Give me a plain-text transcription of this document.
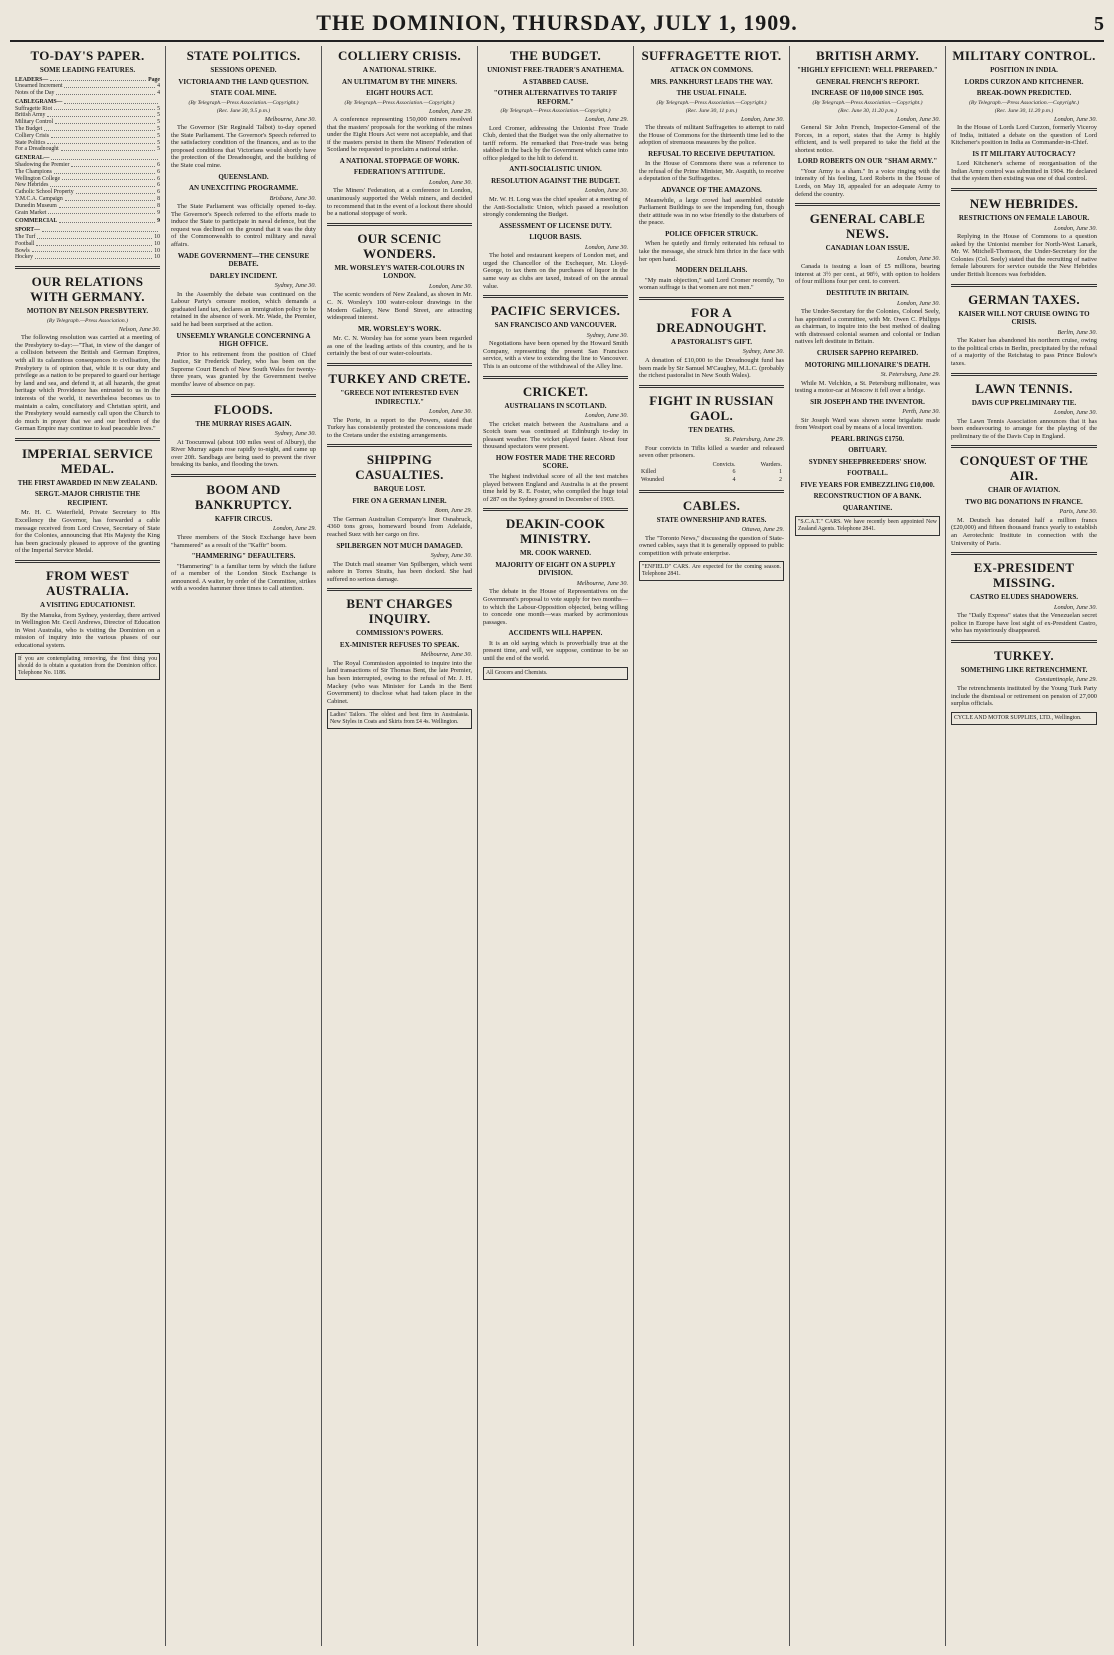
THE DOMINION, THURSDAY, JULY 1, 1909.	5
TO-DAY'S PAPER.
SOME LEADING FEATURES.
LEADERS—	Page
Unearned Increment	4
Notes of the Day	4
CABLEGRAMS—
Suffragette Riot	5
British Army	5
Military Control	5
The Budget	5
Colliery Crisis	5
State Politics	5
For a Dreadnought	5
GENERAL—
Shadowing the Premier	6
The Champions	6
Wellington College	6
New Hebrides	6
Catholic School Property	6
Y.M.C.A. Campaign	8
Dunedin Museum	8
Grain Market	9
COMMERCIAL	9
SPORT—
The Turf	10
Football	10
Bowls	10
Hockey	10
OUR RELATIONS WITH GERMANY.
MOTION BY NELSON PRESBYTERY.
(By Telegraph.—Press Association.)
Nelson, June 30.

The following resolution was carried at a meeting of the Presbytery to-day:—"That, in view of the danger of a collision between the British and German Empires, with all its calamitous consequences to civilisation, the Presbytery is of opinion that, while it is our duty and privilege as a nation to be prepared to guard our heritage by land and sea, and defend it, at all hazards, the great heritage which Providence has entrusted to us in the interests of the world, it nevertheless becomes us to maintain a calm, conciliatory and Christian spirit, and the Presbytery would earnestly call upon the Church to do much in prayer that we and our brethren of the German Empire may continue to lead peaceable lives."

IMPERIAL SERVICE MEDAL.
THE FIRST AWARDED IN NEW ZEALAND.
SERGT.-MAJOR CHRISTIE THE RECIPIENT.

Mr. H. C. Waterfield, Private Secretary to His Excellency the Governor, has forwarded a cable message received from Lord Crewe, Secretary of State for the Colonies, announcing that His Majesty the King has been graciously pleased to approve of the granting of the Imperial Service Medal.

FROM WEST AUSTRALIA.
A VISITING EDUCATIONIST.

By the Manuka, from Sydney, yesterday, there arrived in Wellington Mr. Cecil Andrews, Director of Education in West Australia, who is visiting the Dominion on a mission of inquiry into the various phases of our educational system.

If you are contemplating removing, the first thing you should do is obtain a quotation from the Dominion office. Telephone No. 1186.
STATE POLITICS.
SESSIONS OPENED.
VICTORIA AND THE LAND QUESTION.
STATE COAL MINE.
(By Telegraph.—Press Association.—Copyright.)
(Rec. June 30, 9.5 p.m.)
Melbourne, June 30.

The Governor (Sir Reginald Talbot) to-day opened the State Parliament. The Governor's Speech referred to the satisfactory condition of the finances, and as to the proposed conditions that Victorians would shortly have the protection of the Dreadnought, and the building of the State coal mine.

QUEENSLAND.
AN UNEXCITING PROGRAMME.
Brisbane, June 30.

The State Parliament was officially opened to-day. The Governor's Speech referred to the efforts made to induce the State to participate in naval defence, but the request was declined on the ground that it was the duty of the Commonwealth to control military and naval affairs.

WADE GOVERNMENT—THE CENSURE DEBATE.
DARLEY INCIDENT.
Sydney, June 30.

In the Assembly the debate was continued on the Labour Party's censure motion, which demands a graduated land tax, declares an immigration policy to be retained in the absence of work. Mr. Wade, the Premier, said he had been surprised at the action.

UNSEEMLY WRANGLE CONCERNING A HIGH OFFICE.

Prior to his retirement from the position of Chief Justice, Sir Frederick Darley, who has been on the Supreme Court Bench of New South Wales for twenty-three years, was granted by the Government twelve months' leave of absence on pay.

FLOODS.
THE MURRAY RISES AGAIN.
Sydney, June 30.

At Toocumwal (about 100 miles west of Albury), the River Murray again rose rapidly to-night, and came up over 20ft. Sandbags are being used to prevent the river breaking its banks, and flooding the town.

BOOM AND BANKRUPTCY.
KAFFIR CIRCUS.
London, June 29.

Three members of the Stock Exchange have been "hammered" as a result of the "Kaffir" boom.

"HAMMERING" DEFAULTERS.

"Hammering" is a familiar term by which the failure of a member of the London Stock Exchange is announced. A waiter, by order of the Committee, strikes with a wooden hammer three times to call attention.

COLLIERY CRISIS.
A NATIONAL STRIKE.
AN ULTIMATUM BY THE MINERS.
EIGHT HOURS ACT.
(By Telegraph.—Press Association.—Copyright.)
London, June 29.

A conference representing 150,000 miners resolved that the masters' proposals for the working of the mines under the Eight Hours Act were not acceptable, and that if the masters persist in them the Miners' Federation of Scotland be requested to proclaim a national strike.

A NATIONAL STOPPAGE OF WORK.
FEDERATION'S ATTITUDE.
London, June 30.

The Miners' Federation, at a conference in London, unanimously supported the Welsh miners, and decided to recommend that in the event of a lockout there should be a national stoppage of work.

OUR SCENIC WONDERS.
MR. WORSLEY'S WATER-COLOURS IN LONDON.
London, June 30.

The scenic wonders of New Zealand, as shown in Mr. C. N. Worsley's 100 water-colour drawings in the Modern Gallery, New Bond Street, are attracting widespread interest.

MR. WORSLEY'S WORK.

Mr. C. N. Worsley has for some years been regarded as one of the leading artists of this country, and he is certainly the best of our water-colourists.

TURKEY AND CRETE.
"GREECE NOT INTERESTED EVEN INDIRECTLY."
London, June 30.

The Porte, in a report to the Powers, stated that Turkey has consistently protested the concessions made to the Cretans under the existing arrangements.

SHIPPING CASUALTIES.
BARQUE LOST.
FIRE ON A GERMAN LINER.
Bonn, June 29.

The German Australian Company's liner Osnabruck, 4360 tons gross, homeward bound from Adelaide, reached Suez with her cargo on fire.

SPILBERGEN NOT MUCH DAMAGED.
Sydney, June 30.

The Dutch mail steamer Van Spilbergen, which went ashore in Torres Straits, has been docked. She had suffered no serious damage.

BENT CHARGES INQUIRY.
COMMISSION'S POWERS.
EX-MINISTER REFUSES TO SPEAK.
Melbourne, June 30.

The Royal Commission appointed to inquire into the land transactions of Sir Thomas Bent, the late Premier, has been interrupted, owing to the refusal of Mr. J. H. Mackey (who was Minister for Lands in the Bent Government) to disclose what had taken place in the Cabinet.

Ladies' Tailors. The oldest and best firm in Australasia. New Styles in Coats and Skirts from £4 4s. Wellington.
THE BUDGET.
UNIONIST FREE-TRADER'S ANATHEMA.
A STABBED CAUSE.
"OTHER ALTERNATIVES TO TARIFF REFORM."
(By Telegraph.—Press Association.—Copyright.)
London, June 29.

Lord Cromer, addressing the Unionist Free Trade Club, denied that the Budget was the only alternative to tariff reform. He remarked that Free-trade was being stabbed in the back by the Government which came into office pledged to the hilt to defend it.

ANTI-SOCIALISTIC UNION.
RESOLUTION AGAINST THE BUDGET.
London, June 30.

Mr. W. H. Long was the chief speaker at a meeting of the Anti-Socialistic Union, which passed a resolution strongly condemning the Budget.

ASSESSMENT OF LICENSE DUTY.
LIQUOR BASIS.
London, June 30.

The hotel and restaurant keepers of London met, and urged the Chancellor of the Exchequer, Mr. Lloyd-George, to tax them on the purchases of liquor in the same way as clubs are taxed, instead of on the annual value.

PACIFIC SERVICES.
SAN FRANCISCO AND VANCOUVER.
Sydney, June 30.

Negotiations have been opened by the Howard Smith Company, representing the present San Francisco service, with a view to extending the line to Vancouver. This is an outcome of the withdrawal of the Alley line.

CRICKET.
AUSTRALIANS IN SCOTLAND.
London, June 30.

The cricket match between the Australians and a Scotch team was continued at Edinburgh to-day in pleasant weather. The wicket played faster. About four thousand spectators were present.

HOW FOSTER MADE THE RECORD SCORE.

The highest individual score of all the test matches played between England and Australia is at the present time held by R. E. Foster, who compiled the huge total of 287 on the Sydney ground in December of 1903.

DEAKIN-COOK MINISTRY.
MR. COOK WARNED.
MAJORITY OF EIGHT ON A SUPPLY DIVISION.
Melbourne, June 30.

The debate in the House of Representatives on the Government's proposal to vote supply for two months—to which the Labour-Opposition objected, being willing to concede one month—was marked by acrimonious passages.

ACCIDENTS WILL HAPPEN.

It is an old saying which is proverbially true at the present time, and will, we suppose, continue to be so until the end of the world.

All Grocers and Chemists.
SUFFRAGETTE RIOT.
ATTACK ON COMMONS.
MRS. PANKHURST LEADS THE WAY.
THE USUAL FINALE.
(By Telegraph.—Press Association.—Copyright.)
(Rec. June 30, 11 p.m.)
London, June 30.

The threats of militant Suffragettes to attempt to raid the House of Commons for the thirteenth time led to the adoption of strenuous measures by the police.

REFUSAL TO RECEIVE DEPUTATION.

In the House of Commons there was a reference to the refusal of the Prime Minister, Mr. Asquith, to receive a deputation of the Suffragettes.

ADVANCE OF THE AMAZONS.

Meanwhile, a large crowd had assembled outside Parliament Buildings to see the impending fun, though their attitude was in no wise friendly to the disturbers of the peace.

POLICE OFFICER STRUCK.

When he quietly and firmly reiterated his refusal to take the message, she struck him thrice in the face with her open hand.

MODERN DELILAHS.

"My main objection," said Lord Cromer recently, "to woman suffrage is that women are not men."

FOR A DREADNOUGHT.
A PASTORALIST'S GIFT.
Sydney, June 30.

A donation of £10,000 to the Dreadnought fund has been made by Sir Samuel M'Caughey, M.L.C. (probably the richest pastoralist in New South Wales).

FIGHT IN RUSSIAN GAOL.
TEN DEATHS.
St. Petersburg, June 29.

Four convicts in Tiflis killed a warder and released seven other prisoners.

	Convicts.	Warders.
Killed	6	1
Wounded	4	2
CABLES.
STATE OWNERSHIP AND RATES.
Ottawa, June 29.

The "Toronto News," discussing the question of State-owned cables, says that it is generally opposed to public competition with private enterprise.

"ENFIELD" CARS. Are expected for the coming season. Telephone 2841.
BRITISH ARMY.
"HIGHLY EFFICIENT: WELL PREPARED."
GENERAL FRENCH'S REPORT.
INCREASE OF 110,000 SINCE 1905.
(By Telegraph.—Press Association.—Copyright.)
(Rec. June 30, 11.20 p.m.)
London, June 30.

General Sir John French, Inspector-General of the Forces, in a report, states that the Army is highly efficient, and is well prepared to take the field at the shortest notice.

LORD ROBERTS ON OUR "SHAM ARMY."

"Your Army is a sham." In a voice ringing with the intensity of his feeling, Lord Roberts in the House of Lords, on May 18, appealed for an adequate Army to defend the country.

GENERAL CABLE NEWS.
CANADIAN LOAN ISSUE.
London, June 30.

Canada is issuing a loan of £5 millions, bearing interest at 3½ per cent., at 98½, with option to holders of four millions four per cent. to convert.

DESTITUTE IN BRITAIN.
London, June 30.

The Under-Secretary for the Colonies, Colonel Seely, has appointed a committee, with Mr. Owen C. Philipps as chairman, to inquire into the best method of dealing with distressed colonial seamen and colonial or Indian natives left destitute in Britain.

CRUISER SAPPHO REPAIRED.
MOTORING MILLIONAIRE'S DEATH.
St. Petersburg, June 29.

While M. Velchkin, a St. Petersburg millionaire, was testing a motor-car at Moscow it fell over a bridge.

SIR JOSEPH AND THE INVENTOR.
Perth, June 30.

Sir Joseph Ward was shown some brigalatte made from Westport coal by means of a local invention.

PEARL BRINGS £1750.
OBITUARY.
SYDNEY SHEEPBREEDERS' SHOW.
FOOTBALL.
FIVE YEARS FOR EMBEZZLING £10,000.
RECONSTRUCTION OF A BANK.
QUARANTINE.
"S.C.A.T." CARS. We have recently been appointed New Zealand Agents. Telephone 2841.
MILITARY CONTROL.
POSITION IN INDIA.
LORDS CURZON AND KITCHENER.
BREAK-DOWN PREDICTED.
(By Telegraph.—Press Association.—Copyright.)
(Rec. June 30, 11.20 p.m.)
London, June 30.

In the House of Lords Lord Curzon, formerly Viceroy of India, initiated a debate on the question of Lord Kitchener's position in India as Commander-in-Chief.

IS IT MILITARY AUTOCRACY?

Lord Kitchener's scheme of reorganisation of the Indian Army control was submitted in 1904. He declared that the system then existing was one of dual control.

NEW HEBRIDES.
RESTRICTIONS ON FEMALE LABOUR.
London, June 30.

Replying in the House of Commons to a question asked by the Unionist member for North-West Lanark, Mr. W. Mitchell-Thomson, the Under-Secretary for the Colonies (Col. Seely) stated that the recruiting of native female labourers for service outside the New Hebrides under British licences was forbidden.

GERMAN TAXES.
KAISER WILL NOT CRUISE OWING TO CRISIS.
Berlin, June 30.

The Kaiser has abandoned his northern cruise, owing to the political crisis in Berlin, precipitated by the refusal of a majority of the Reichstag to pass Prince Bulow's taxes.

LAWN TENNIS.
DAVIS CUP PRELIMINARY TIE.
London, June 30.

The Lawn Tennis Association announces that it has been endeavouring to arrange for the playing of the preliminary tie of the Davis Cup in England.

CONQUEST OF THE AIR.
CHAIR OF AVIATION.
TWO BIG DONATIONS IN FRANCE.
Paris, June 30.

M. Deutsch has donated half a million francs (£20,000) and fifteen thousand francs yearly to establish an Aerotechnic Institute in connection with the University of Paris.

EX-PRESIDENT MISSING.
CASTRO ELUDES SHADOWERS.
London, June 30.

The "Daily Express" states that the Venezuelan secret police in Europe have lost sight of ex-President Castro, who has mysteriously disappeared.

TURKEY.
SOMETHING LIKE RETRENCHMENT.
Constantinople, June 29.

The retrenchments instituted by the Young Turk Party include the dismissal or retirement on pension of 27,000 surplus officials.

CYCLE AND MOTOR SUPPLIES, LTD., Wellington.
